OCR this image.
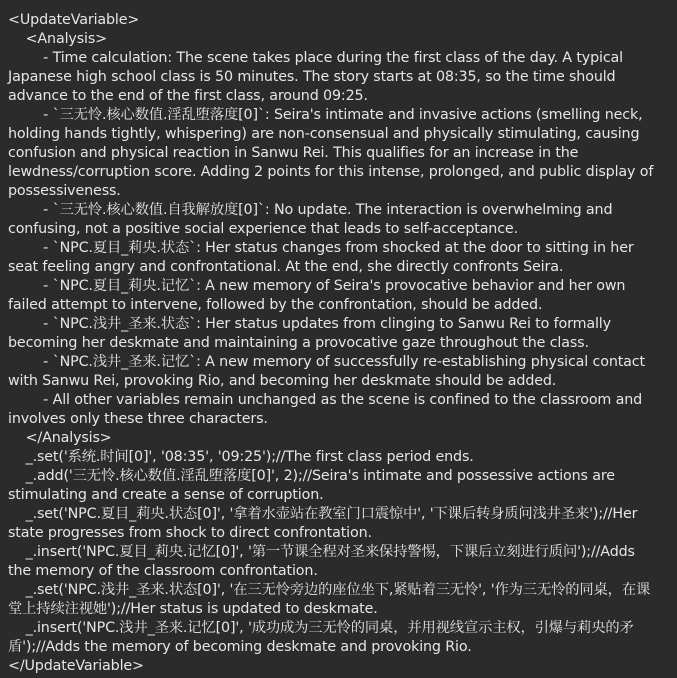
<UpdateVariable>
<Analysis>
- Time calculation: The scene takes place during the first class of the day. A typical Japanese high school class is 50 minutes. The story starts at 08:35, so the time should advance to the end of the first class, around 09:25.
- `三无怜.核心数值.淫乱堕落度[0]`: Seira's intimate and invasive actions (smelling neck, holding hands tightly, whispering) are non-consensual and physically stimulating, causing confusion and physical reaction in Sanwu Rei. This qualifies for an increase in the lewdness/corruption score. Adding 2 points for this intense, prolonged, and public display of possessiveness.
- `三无怜.核心数值.自我解放度[0]`: No update. The interaction is overwhelming and confusing, not a positive social experience that leads to self-acceptance.
- `NPC.夏目_莉央.状态`: Her status changes from shocked at the door to sitting in her seat feeling angry and confrontational. At the end, she directly confronts Seira.
- `NPC.夏目_莉央.记忆`: A new memory of Seira's provocative behavior and her own failed attempt to intervene, followed by the confrontation, should be added.
- `NPC.浅井_圣来.状态`: Her status updates from clinging to Sanwu Rei to formally becoming her deskmate and maintaining a provocative gaze throughout the class.
- `NPC.浅井_圣来.记忆`: A new memory of successfully re-establishing physical contact with Sanwu Rei, provoking Rio, and becoming her deskmate should be added.
- All other variables remain unchanged as the scene is confined to the classroom and involves only these three characters.
</Analysis>
_.set('系统.时间[0]', '08:35', '09:25');//The first class period ends.
_.add('三无怜.核心数值.淫乱堕落度[0]', 2);//Seira's intimate and possessive actions are stimulating and create a sense of corruption.
_.set('NPC.夏目_莉央.状态[0]', '拿着水壶站在教室门口震惊中', '下课后转身质问浅井圣来');//Her state progresses from shock to direct confrontation.
_.insert('NPC.夏目_莉央.记忆[0]', '第一节课全程对圣来保持警惕，下课后立刻进行质问');//Adds the memory of the classroom confrontation.
_.set('NPC.浅井_圣来.状态[0]', '在三无怜旁边的座位坐下,紧贴着三无怜', '作为三无怜的同桌，在课堂上持续注视她');//Her status is updated to deskmate.
_.insert('NPC.浅井_圣来.记忆[0]', '成功成为三无怜的同桌，并用视线宣示主权，引爆与莉央的矛盾');//Adds the memory of becoming deskmate and provoking Rio.
</UpdateVariable>
